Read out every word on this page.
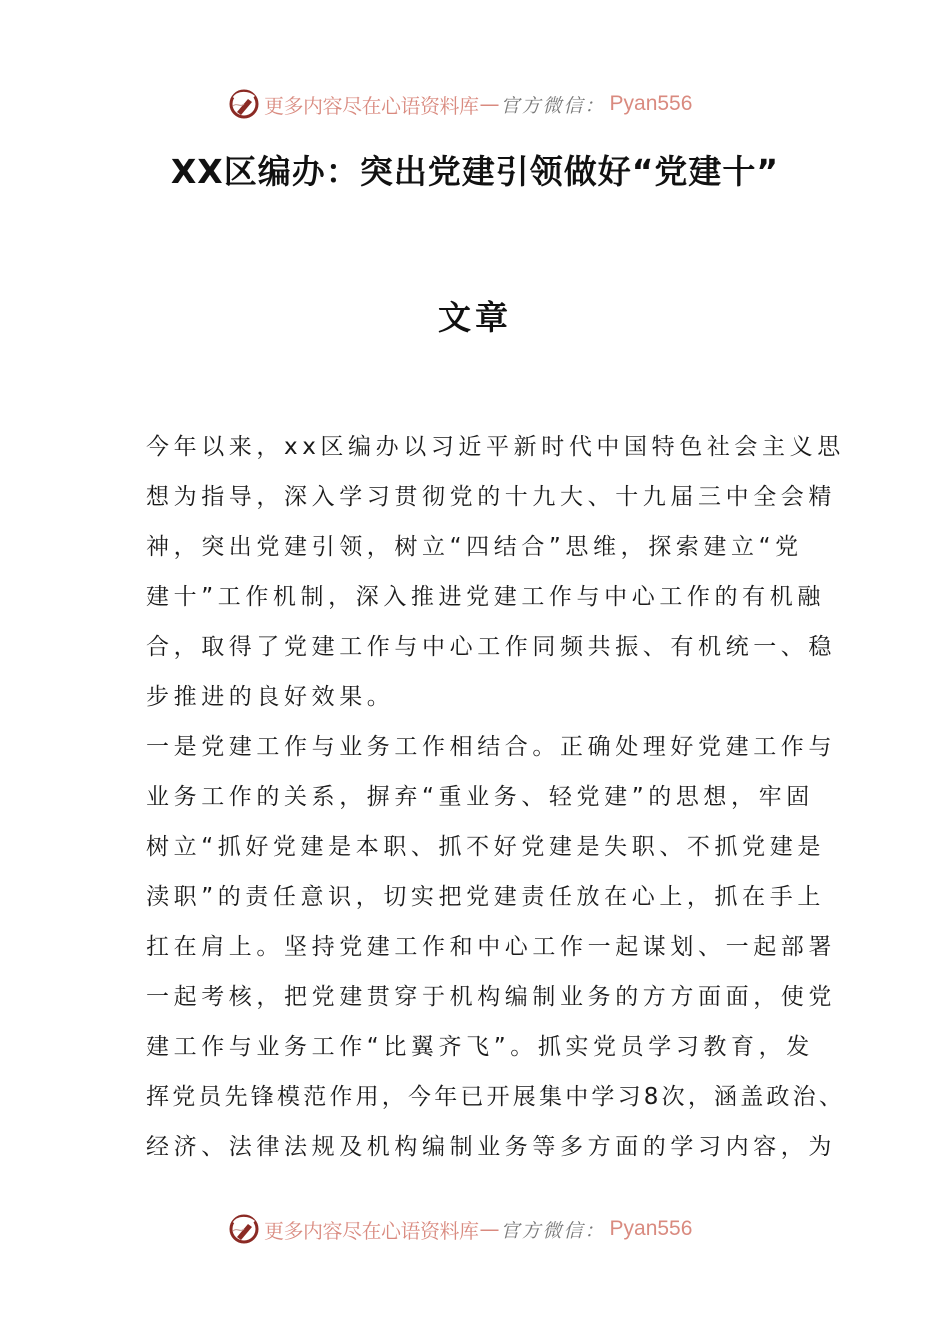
更多内容尽在心语资料库 — 官方微信： Pyan556
XX区编办：突出党建引领做好“党建十”
文章
今年以来，xx区编办以习近平新时代中国特色社会主义思
想为指导，深入学习贯彻党的十九大、十九届三中全会精
神，突出党建引领，树立“四结合”思维，探索建立“党
建十”工作机制，深入推进党建工作与中心工作的有机融
合，取得了党建工作与中心工作同频共振、有机统一、稳
步推进的良好效果。
一是党建工作与业务工作相结合。正确处理好党建工作与
业务工作的关系，摒弃“重业务、轻党建”的思想，牢固
树立“抓好党建是本职、抓不好党建是失职、不抓党建是
渎职”的责任意识，切实把党建责任放在心上，抓在手上
扛在肩上。坚持党建工作和中心工作一起谋划、一起部署
一起考核，把党建贯穿于机构编制业务的方方面面，使党
建工作与业务工作“比翼齐飞”。抓实党员学习教育，发
挥党员先锋模范作用，今年已开展集中学习8次，涵盖政治、
经济、法律法规及机构编制业务等多方面的学习内容，为
更多内容尽在心语资料库 — 官方微信： Pyan556
